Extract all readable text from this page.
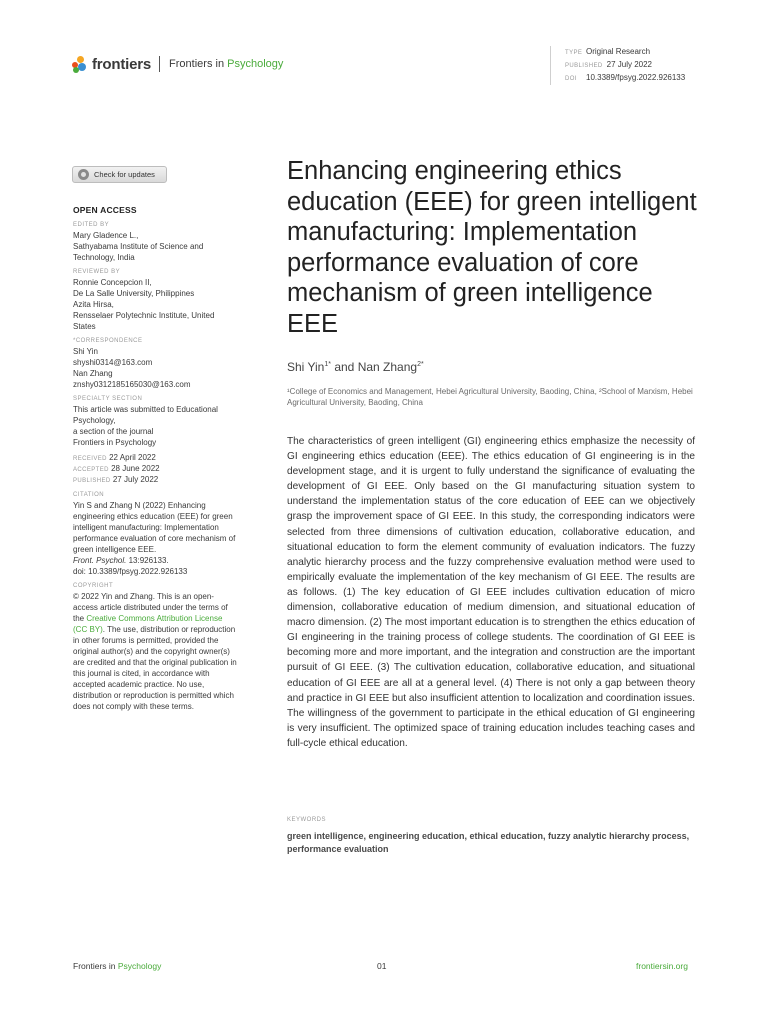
frontiers Frontiers in Psychology
TYPE Original Research
PUBLISHED 27 July 2022
DOI 10.3389/fpsyg.2022.926133
Check for updates
OPEN ACCESS
EDITED BY
Mary Gladence L.,
Sathyabama Institute of Science and Technology, India
REVIEWED BY
Ronnie Concepcion II,
De La Salle University, Philippines
Azita Hirsa,
Rensselaer Polytechnic Institute, United States
*CORRESPONDENCE
Shi Yin
shyshi0314@163.com
Nan Zhang
znshy0312185165030@163.com
SPECIALTY SECTION
This article was submitted to Educational Psychology,
a section of the journal
Frontiers in Psychology
RECEIVED 22 April 2022
ACCEPTED 28 June 2022
PUBLISHED 27 July 2022
CITATION
Yin S and Zhang N (2022) Enhancing engineering ethics education (EEE) for green intelligent manufacturing: Implementation performance evaluation of core mechanism of green intelligence EEE.
Front. Psychol. 13:926133.
doi: 10.3389/fpsyg.2022.926133
COPYRIGHT
© 2022 Yin and Zhang. This is an open-access article distributed under the terms of the Creative Commons Attribution License (CC BY). The use, distribution or reproduction in other forums is permitted, provided the original author(s) and the copyright owner(s) are credited and that the original publication in this journal is cited, in accordance with accepted academic practice. No use, distribution or reproduction is permitted which does not comply with these terms.
Enhancing engineering ethics education (EEE) for green intelligent manufacturing: Implementation performance evaluation of core mechanism of green intelligence EEE
Shi Yin$^{1*}$ and Nan Zhang$^{2*}$
¹College of Economics and Management, Hebei Agricultural University, Baoding, China, ²School of Marxism, Hebei Agricultural University, Baoding, China

The characteristics of green intelligent (GI) engineering ethics emphasize the necessity of GI engineering ethics education (EEE). The ethics education of GI engineering is in the development stage, and it is urgent to fully understand the significance of evaluating the development of GI EEE. Only based on the GI manufacturing situation system to understand the implementation status of the core education of EEE can we objectively grasp the improvement space of GI EEE. In this study, the corresponding indicators were selected from three dimensions of cultivation education, collaborative education, and situational education to form the element community of evaluation indicators. The fuzzy analytic hierarchy process and the fuzzy comprehensive evaluation method were used to empirically evaluate the implementation of the key mechanism of GI EEE. The results are as follows. (1) The key education of GI EEE includes cultivation education of micro dimension, collaborative education of medium dimension, and situational education of macro dimension. (2) The most important education is to strengthen the ethics education of GI engineering in the training process of college students. The coordination of GI EEE is becoming more and more important, and the integration and construction are the important pursuit of GI EEE. (3) The cultivation education, collaborative education, and situational education of GI EEE are all at a general level. (4) There is not only a gap between theory and practice in GI EEE but also insufficient attention to localization and coordination issues. The willingness of the government to participate in the ethical education of GI engineering is very insufficient. The optimized space of training education includes teaching cases and full-cycle ethical education.

KEYWORDS
green intelligence, engineering education, ethical education, fuzzy analytic hierarchy process, performance evaluation
Frontiers in Psychology	01	frontiersin.org
